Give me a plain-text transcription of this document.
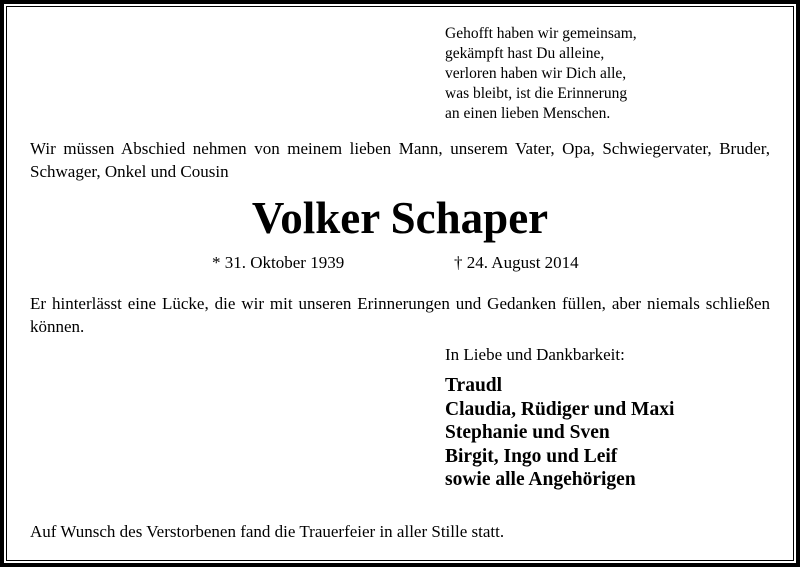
Gehofft haben wir gemeinsam,
gekämpft hast Du alleine,
verloren haben wir Dich alle,
was bleibt, ist die Erinnerung
an einen lieben Menschen.
Wir müssen Abschied nehmen von meinem lieben Mann, unserem Vater, Opa, Schwiegervater, Bruder, Schwager, Onkel und Cousin
Volker Schaper
* 31. Oktober 1939	† 24. August 2014
Er hinterlässt eine Lücke, die wir mit unseren Erinnerungen und Gedanken füllen, aber niemals schließen können.
In Liebe und Dankbarkeit:
Traudl
Claudia, Rüdiger und Maxi
Stephanie und Sven
Birgit, Ingo und Leif
sowie alle Angehörigen
Auf Wunsch des Verstorbenen fand die Trauerfeier in aller Stille statt.
